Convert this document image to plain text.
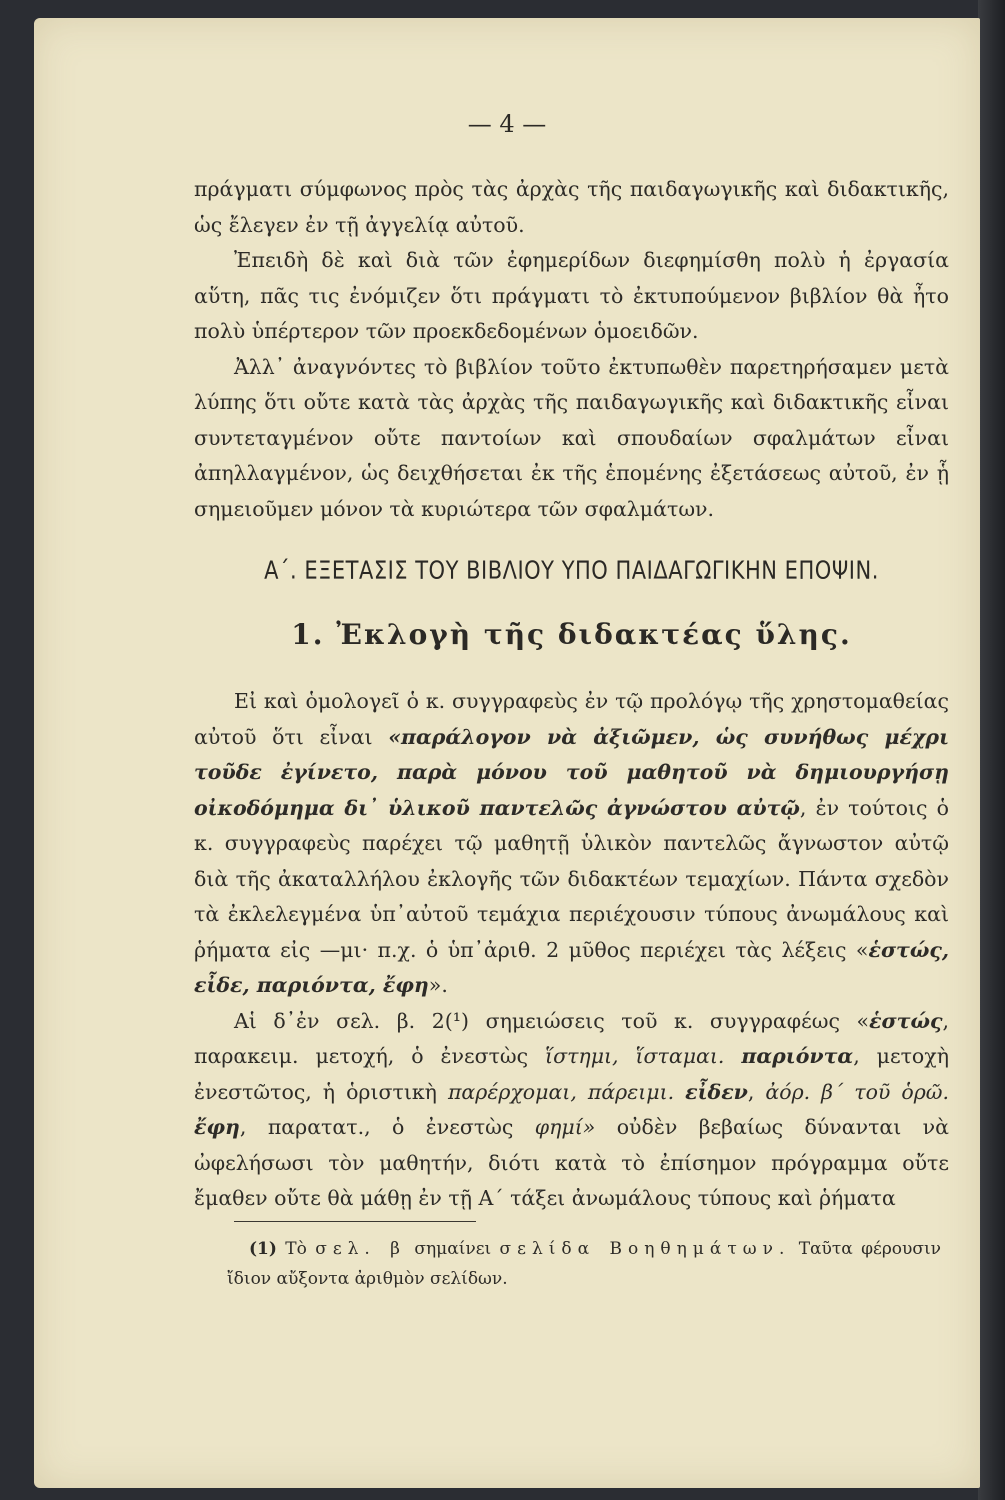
— 4 —

πράγματι σύμφωνος πρὸς τὰς ἀρχὰς τῆς παιδαγωγικῆς καὶ διδακτικῆς, ὡς ἔλεγεν ἐν τῇ ἀγγελίᾳ αὐτοῦ.

Ἐπειδὴ δὲ καὶ διὰ τῶν ἐφημερίδων διεφημίσθη πολὺ ἡ ἐργασία αὕτη, πᾶς τις ἐνόμιζεν ὅτι πράγματι τὸ ἐκτυπούμενον βιβλίον θὰ ἦτο πολὺ ὑπέρτερον τῶν προεκδεδομένων ὁμοειδῶν.

Ἀλλ᾽ ἀναγνόντες τὸ βιβλίον τοῦτο ἐκτυπωθὲν παρετηρήσαμεν μετὰ λύπης ὅτι οὔτε κατὰ τὰς ἀρχὰς τῆς παιδαγωγικῆς καὶ διδακτικῆς εἶναι συντεταγμένον οὔτε παντοίων καὶ σπουδαίων σφαλμάτων εἶναι ἀπηλλαγμένον, ὡς δειχθήσεται ἐκ τῆς ἑπομένης ἐξετάσεως αὐτοῦ, ἐν ᾗ σημειοῦμεν μόνον τὰ κυριώτερα τῶν σφαλμάτων.

Α΄. ΕΞΕΤΑΣΙΣ ΤΟΥ ΒΙΒΛΙΟΥ ΥΠΟ ΠΑΙΔΑΓΩΓΙΚΗΝ ΕΠΟΨΙΝ.
1. Ἐκλογὴ τῆς διδακτέας ὕλης.

Εἰ καὶ ὁμολογεῖ ὁ κ. συγγραφεὺς ἐν τῷ προλόγῳ τῆς χρηστομαθείας αὐτοῦ ὅτι εἶναι «παράλογον νὰ ἀξιῶμεν, ὡς συνήθως μέχρι τοῦδε ἐγίνετο, παρὰ μόνου τοῦ μαθητοῦ νὰ δημιουργήσῃ οἰκοδόμημα δι᾽ ὑλικοῦ παντελῶς ἀγνώστου αὐτῷ, ἐν τούτοις ὁ κ. συγγραφεὺς παρέχει τῷ μαθητῇ ὑλικὸν παντελῶς ἄγνωστον αὐτῷ διὰ τῆς ἀκαταλλήλου ἐκλογῆς τῶν διδακτέων τεμαχίων. Πάντα σχεδὸν τὰ ἐκλελεγμένα ὑπ᾽αὐτοῦ τεμάχια περιέχουσιν τύπους ἀνωμάλους καὶ ῥήματα εἰς —μι· π.χ. ὁ ὑπ᾽ἀριθ. 2 μῦθος περιέχει τὰς λέξεις «ἑστώς, εἶδε, παριόντα, ἔφη».

Αἱ δ᾽ἐν σελ. β. 2(¹) σημειώσεις τοῦ κ. συγγραφέως «ἑστώς, παρακειμ. μετοχή, ὁ ἐνεστὼς ἵστημι, ἵσταμαι. παριόντα, μετοχὴ ἐνεστῶτος, ἡ ὁριστικὴ παρέρχομαι, πάρειμι. εἶδεν, ἀόρ. β΄ τοῦ ὁρῶ. ἔφη, παρατατ., ὁ ἐνεστὼς φημί» οὐδὲν βεβαίως δύνανται νὰ ὠφελήσωσι τὸν μαθητήν, διότι κατὰ τὸ ἐπίσημον πρόγραμμα οὔτε ἔμαθεν οὔτε θὰ μάθῃ ἐν τῇ Α΄ τάξει ἀνωμάλους τύπους καὶ ῥήματα

(1) Τὸ σελ. β σημαίνει σελίδα Βοηθημάτων. Ταῦτα φέρουσιν ἴδιον αὔξοντα ἀριθμὸν σελίδων.
